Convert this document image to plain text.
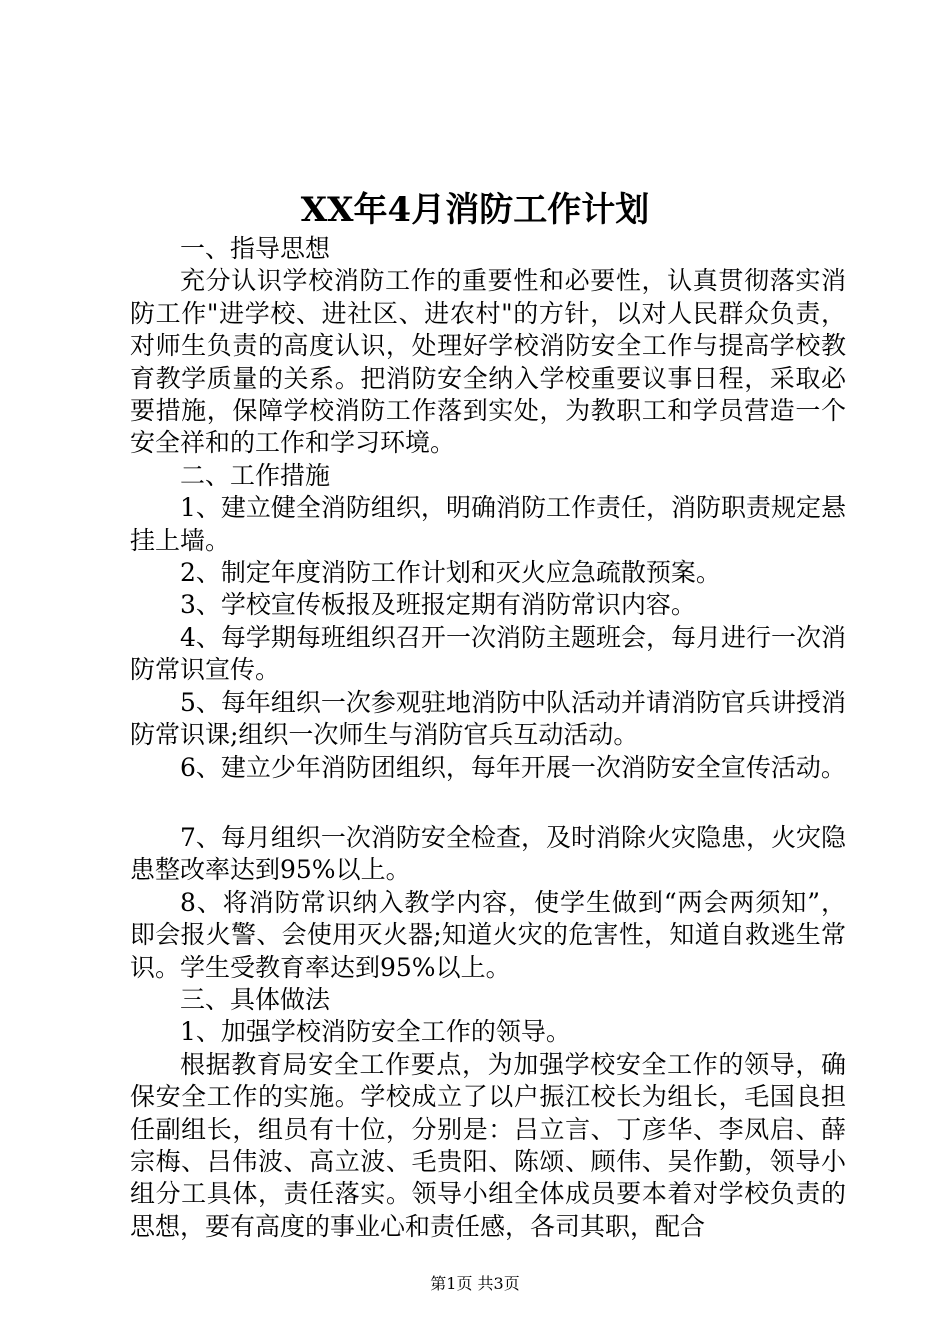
XX年4月消防工作计划

一、指导思想

充分认识学校消防工作的重要性和必要性，认真贯彻落实消防工作"进学校、进社区、进农村"的方针，以对人民群众负责，对师生负责的高度认识，处理好学校消防安全工作与提高学校教育教学质量的关系。把消防安全纳入学校重要议事日程，采取必要措施，保障学校消防工作落到实处，为教职工和学员营造一个安全祥和的工作和学习环境。

二、工作措施

1、建立健全消防组织，明确消防工作责任，消防职责规定悬挂上墙。

2、制定年度消防工作计划和灭火应急疏散预案。

3、学校宣传板报及班报定期有消防常识内容。

4、每学期每班组织召开一次消防主题班会，每月进行一次消防常识宣传。

5、每年组织一次参观驻地消防中队活动并请消防官兵讲授消防常识课;组织一次师生与消防官兵互动活动。

6、建立少年消防团组织，每年开展一次消防安全宣传活动。

7、每月组织一次消防安全检查，及时消除火灾隐患，火灾隐患整改率达到95%以上。

8、将消防常识纳入教学内容，使学生做到“两会两须知”，即会报火警、会使用灭火器;知道火灾的危害性，知道自救逃生常识。学生受教育率达到95%以上。

三、具体做法

1、加强学校消防安全工作的领导。

根据教育局安全工作要点，为加强学校安全工作的领导，确保安全工作的实施。学校成立了以户振江校长为组长，毛国良担任副组长，组员有十位，分别是：吕立言、丁彦华、李凤启、薛宗梅、吕伟波、高立波、毛贵阳、陈颂、顾伟、吴作勤，领导小组分工具体，责任落实。领导小组全体成员要本着对学校负责的思想，要有高度的事业心和责任感，各司其职，配合

第1页 共3页
